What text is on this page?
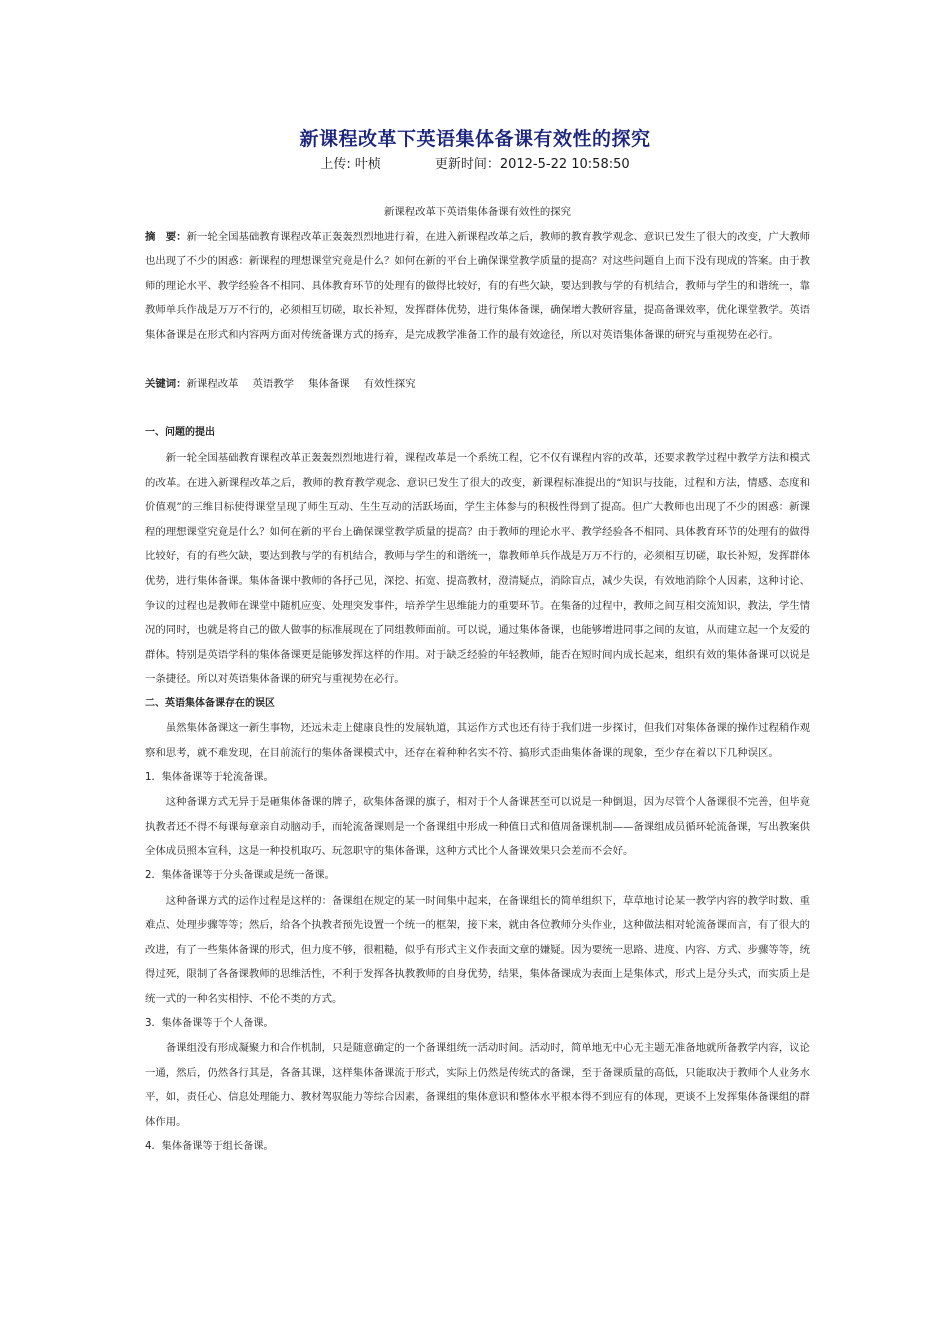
新课程改革下英语集体备课有效性的探究
上传: 叶桢	更新时间：2012-5-22 10:58:50
新课程改革下英语集体备课有效性的探究

摘　要：新一轮全国基础教育课程改革正轰轰烈烈地进行着，在进入新课程改革之后，教师的教育教学观念、意识已发生了很大的改变，广大教师也出现了不少的困惑：新课程的理想课堂究竟是什么？如何在新的平台上确保课堂教学质量的提高？对这些问题自上而下没有现成的答案。由于教师的理论水平、教学经验各不相同、具体教育环节的处理有的做得比较好，有的有些欠缺，要达到教与学的有机结合，教师与学生的和谐统一，靠教师单兵作战是万万不行的，必须相互切磋，取长补短，发挥群体优势，进行集体备课，确保增大教研容量，提高备课效率，优化课堂教学。英语集体备课是在形式和内容两方面对传统备课方式的扬弃，是完成教学准备工作的最有效途径，所以对英语集体备课的研究与重视势在必行。

关键词：新课程改革 英语教学 集体备课 有效性探究

一、问题的提出

新一轮全国基础教育课程改革正轰轰烈烈地进行着，课程改革是一个系统工程，它不仅有课程内容的改革，还要求教学过程中教学方法和模式的改革。在进入新课程改革之后，教师的教育教学观念、意识已发生了很大的改变，新课程标准提出的“知识与技能，过程和方法，情感、态度和价值观”的三维目标使得课堂呈现了师生互动、生生互动的活跃场面，学生主体参与的积极性得到了提高。但广大教师也出现了不少的困惑：新课程的理想课堂究竟是什么？如何在新的平台上确保课堂教学质量的提高？由于教师的理论水平、教学经验各不相同、具体教育环节的处理有的做得比较好，有的有些欠缺，要达到教与学的有机结合，教师与学生的和谐统一，靠教师单兵作战是万万不行的，必须相互切磋，取长补短，发挥群体优势，进行集体备课。集体备课中教师的各抒己见，深挖、拓宽、提高教材，澄清疑点，消除盲点，减少失误，有效地消除个人因素，这种讨论、争议的过程也是教师在课堂中随机应变、处理突发事件，培养学生思维能力的重要环节。在集备的过程中，教师之间互相交流知识，教法，学生情况的同时，也就是将自己的做人做事的标准展现在了同组教师面前。可以说，通过集体备课，也能够增进同事之间的友谊，从而建立起一个友爱的群体。特别是英语学科的集体备课更是能够发挥这样的作用。对于缺乏经验的年轻教师，能否在短时间内成长起来，组织有效的集体备课可以说是一条捷径。所以对英语集体备课的研究与重视势在必行。

二、英语集体备课存在的误区

虽然集体备课这一新生事物，还远未走上健康良性的发展轨道，其运作方式也还有待于我们进一步探讨，但我们对集体备课的操作过程稍作观察和思考，就不难发现，在目前流行的集体备课模式中，还存在着种种名实不符、搞形式歪曲集体备课的现象，至少存在着以下几种误区。

1．集体备课等于轮流备课。

这种备课方式无异于是砸集体备课的牌子，砍集体备课的旗子，相对于个人备课甚至可以说是一种倒退，因为尽管个人备课很不完善，但毕竟执教者还不得不每课每章亲自动脑动手，而轮流备课则是一个备课组中形成一种值日式和值周备课机制——备课组成员循环轮流备课，写出教案供全体成员照本宣科，这是一种投机取巧、玩忽职守的集体备课，这种方式比个人备课效果只会差而不会好。

2．集体备课等于分头备课或是统一备课。

这种备课方式的运作过程是这样的：备课组在规定的某一时间集中起来，在备课组长的简单组织下，草草地讨论某一教学内容的教学时数、重难点、处理步骤等等；然后，给各个执教者预先设置一个统一的框架，接下来，就由各位教师分头作业，这种做法相对轮流备课而言，有了很大的改进，有了一些集体备课的形式，但力度不够，很粗糙，似乎有形式主义作表面文章的嫌疑。因为要统一思路、进度、内容、方式、步骤等等，统得过死，限制了各备课教师的思维活性，不利于发挥各执教教师的自身优势，结果，集体备课成为表面上是集体式，形式上是分头式，而实质上是统一式的一种名实相悖、不伦不类的方式。

3．集体备课等于个人备课。

备课组没有形成凝聚力和合作机制，只是随意确定的一个备课组统一活动时间。活动时，简单地无中心无主题无准备地就所备教学内容，议论一通，然后，仍然各行其是，各备其课，这样集体备课流于形式，实际上仍然是传统式的备课，至于备课质量的高低，只能取决于教师个人业务水平，如，责任心、信息处理能力、教材驾驭能力等综合因素，备课组的集体意识和整体水平根本得不到应有的体现，更谈不上发挥集体备课组的群体作用。

4．集体备课等于组长备课。
